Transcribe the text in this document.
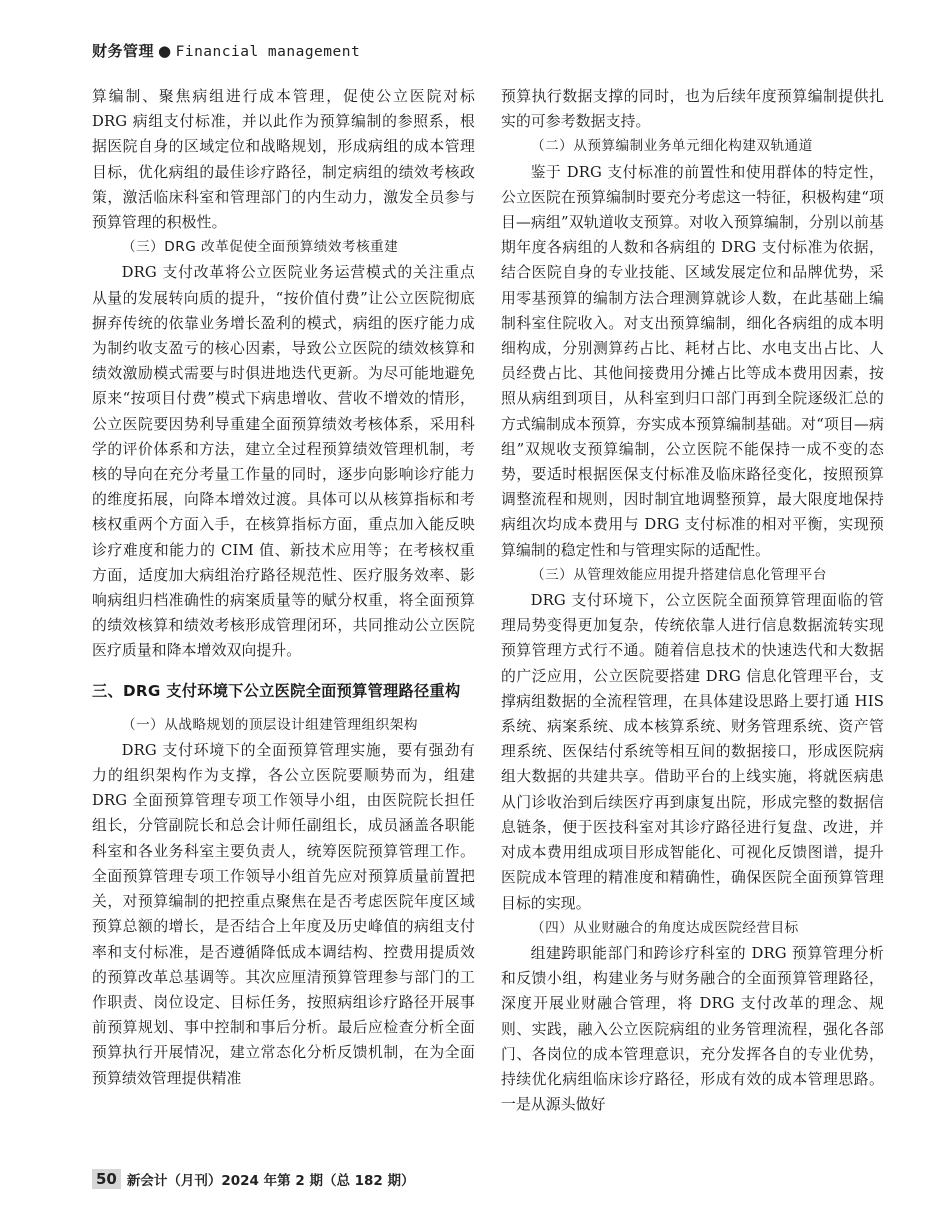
财务管理 ● Financial management

算编制、聚焦病组进行成本管理，促使公立医院对标 DRG 病组支付标准，并以此作为预算编制的参照系，根据医院自身的区域定位和战略规划，形成病组的成本管理目标，优化病组的最佳诊疗路径，制定病组的绩效考核政策，激活临床科室和管理部门的内生动力，激发全员参与预算管理的积极性。

（三）DRG 改革促使全面预算绩效考核重建

DRG 支付改革将公立医院业务运营模式的关注重点从量的发展转向质的提升，“按价值付费”让公立医院彻底摒弃传统的依靠业务增长盈利的模式，病组的医疗能力成为制约收支盈亏的核心因素，导致公立医院的绩效核算和绩效激励模式需要与时俱进地迭代更新。为尽可能地避免原来“按项目付费”模式下病患增收、营收不增效的情形，公立医院要因势利导重建全面预算绩效考核体系，采用科学的评价体系和方法，建立全过程预算绩效管理机制，考核的导向在充分考量工作量的同时，逐步向影响诊疗能力的维度拓展，向降本增效过渡。具体可以从核算指标和考核权重两个方面入手，在核算指标方面，重点加入能反映诊疗难度和能力的 CIM 值、新技术应用等；在考核权重方面，适度加大病组治疗路径规范性、医疗服务效率、影响病组归档准确性的病案质量等的赋分权重，将全面预算的绩效核算和绩效考核形成管理闭环，共同推动公立医院医疗质量和降本增效双向提升。

三、DRG 支付环境下公立医院全面预算管理路径重构
（一）从战略规划的顶层设计组建管理组织架构

DRG 支付环境下的全面预算管理实施，要有强劲有力的组织架构作为支撑，各公立医院要顺势而为，组建 DRG 全面预算管理专项工作领导小组，由医院院长担任组长，分管副院长和总会计师任副组长，成员涵盖各职能科室和各业务科室主要负责人，统筹医院预算管理工作。全面预算管理专项工作领导小组首先应对预算质量前置把关，对预算编制的把控重点聚焦在是否考虑医院年度区域预算总额的增长，是否结合上年度及历史峰值的病组支付率和支付标准，是否遵循降低成本调结构、控费用提质效的预算改革总基调等。其次应厘清预算管理参与部门的工作职责、岗位设定、目标任务，按照病组诊疗路径开展事前预算规划、事中控制和事后分析。最后应检查分析全面预算执行开展情况，建立常态化分析反馈机制，在为全面预算绩效管理提供精准

预算执行数据支撑的同时，也为后续年度预算编制提供扎实的可参考数据支持。

（二）从预算编制业务单元细化构建双轨通道

鉴于 DRG 支付标准的前置性和使用群体的特定性，公立医院在预算编制时要充分考虑这一特征，积极构建“项目—病组”双轨道收支预算。对收入预算编制，分别以前基期年度各病组的人数和各病组的 DRG 支付标准为依据，结合医院自身的专业技能、区域发展定位和品牌优势，采用零基预算的编制方法合理测算就诊人数，在此基础上编制科室住院收入。对支出预算编制，细化各病组的成本明细构成，分别测算药占比、耗材占比、水电支出占比、人员经费占比、其他间接费用分摊占比等成本费用因素，按照从病组到项目，从科室到归口部门再到全院逐级汇总的方式编制成本预算，夯实成本预算编制基础。对“项目—病组”双规收支预算编制，公立医院不能保持一成不变的态势，要适时根据医保支付标准及临床路径变化，按照预算调整流程和规则，因时制宜地调整预算，最大限度地保持病组次均成本费用与 DRG 支付标准的相对平衡，实现预算编制的稳定性和与管理实际的适配性。

（三）从管理效能应用提升搭建信息化管理平台

DRG 支付环境下，公立医院全面预算管理面临的管理局势变得更加复杂，传统依靠人进行信息数据流转实现预算管理方式行不通。随着信息技术的快速迭代和大数据的广泛应用，公立医院要搭建 DRG 信息化管理平台，支撑病组数据的全流程管理，在具体建设思路上要打通 HIS 系统、病案系统、成本核算系统、财务管理系统、资产管理系统、医保结付系统等相互间的数据接口，形成医院病组大数据的共建共享。借助平台的上线实施，将就医病患从门诊收治到后续医疗再到康复出院，形成完整的数据信息链条，便于医技科室对其诊疗路径进行复盘、改进，并对成本费用组成项目形成智能化、可视化反馈图谱，提升医院成本管理的精准度和精确性，确保医院全面预算管理目标的实现。

（四）从业财融合的角度达成医院经营目标

组建跨职能部门和跨诊疗科室的 DRG 预算管理分析和反馈小组，构建业务与财务融合的全面预算管理路径，深度开展业财融合管理，将 DRG 支付改革的理念、规则、实践，融入公立医院病组的业务管理流程，强化各部门、各岗位的成本管理意识，充分发挥各自的专业优势，持续优化病组临床诊疗路径，形成有效的成本管理思路。一是从源头做好

50 新会计（月刊）2024 年第 2 期（总 182 期）
